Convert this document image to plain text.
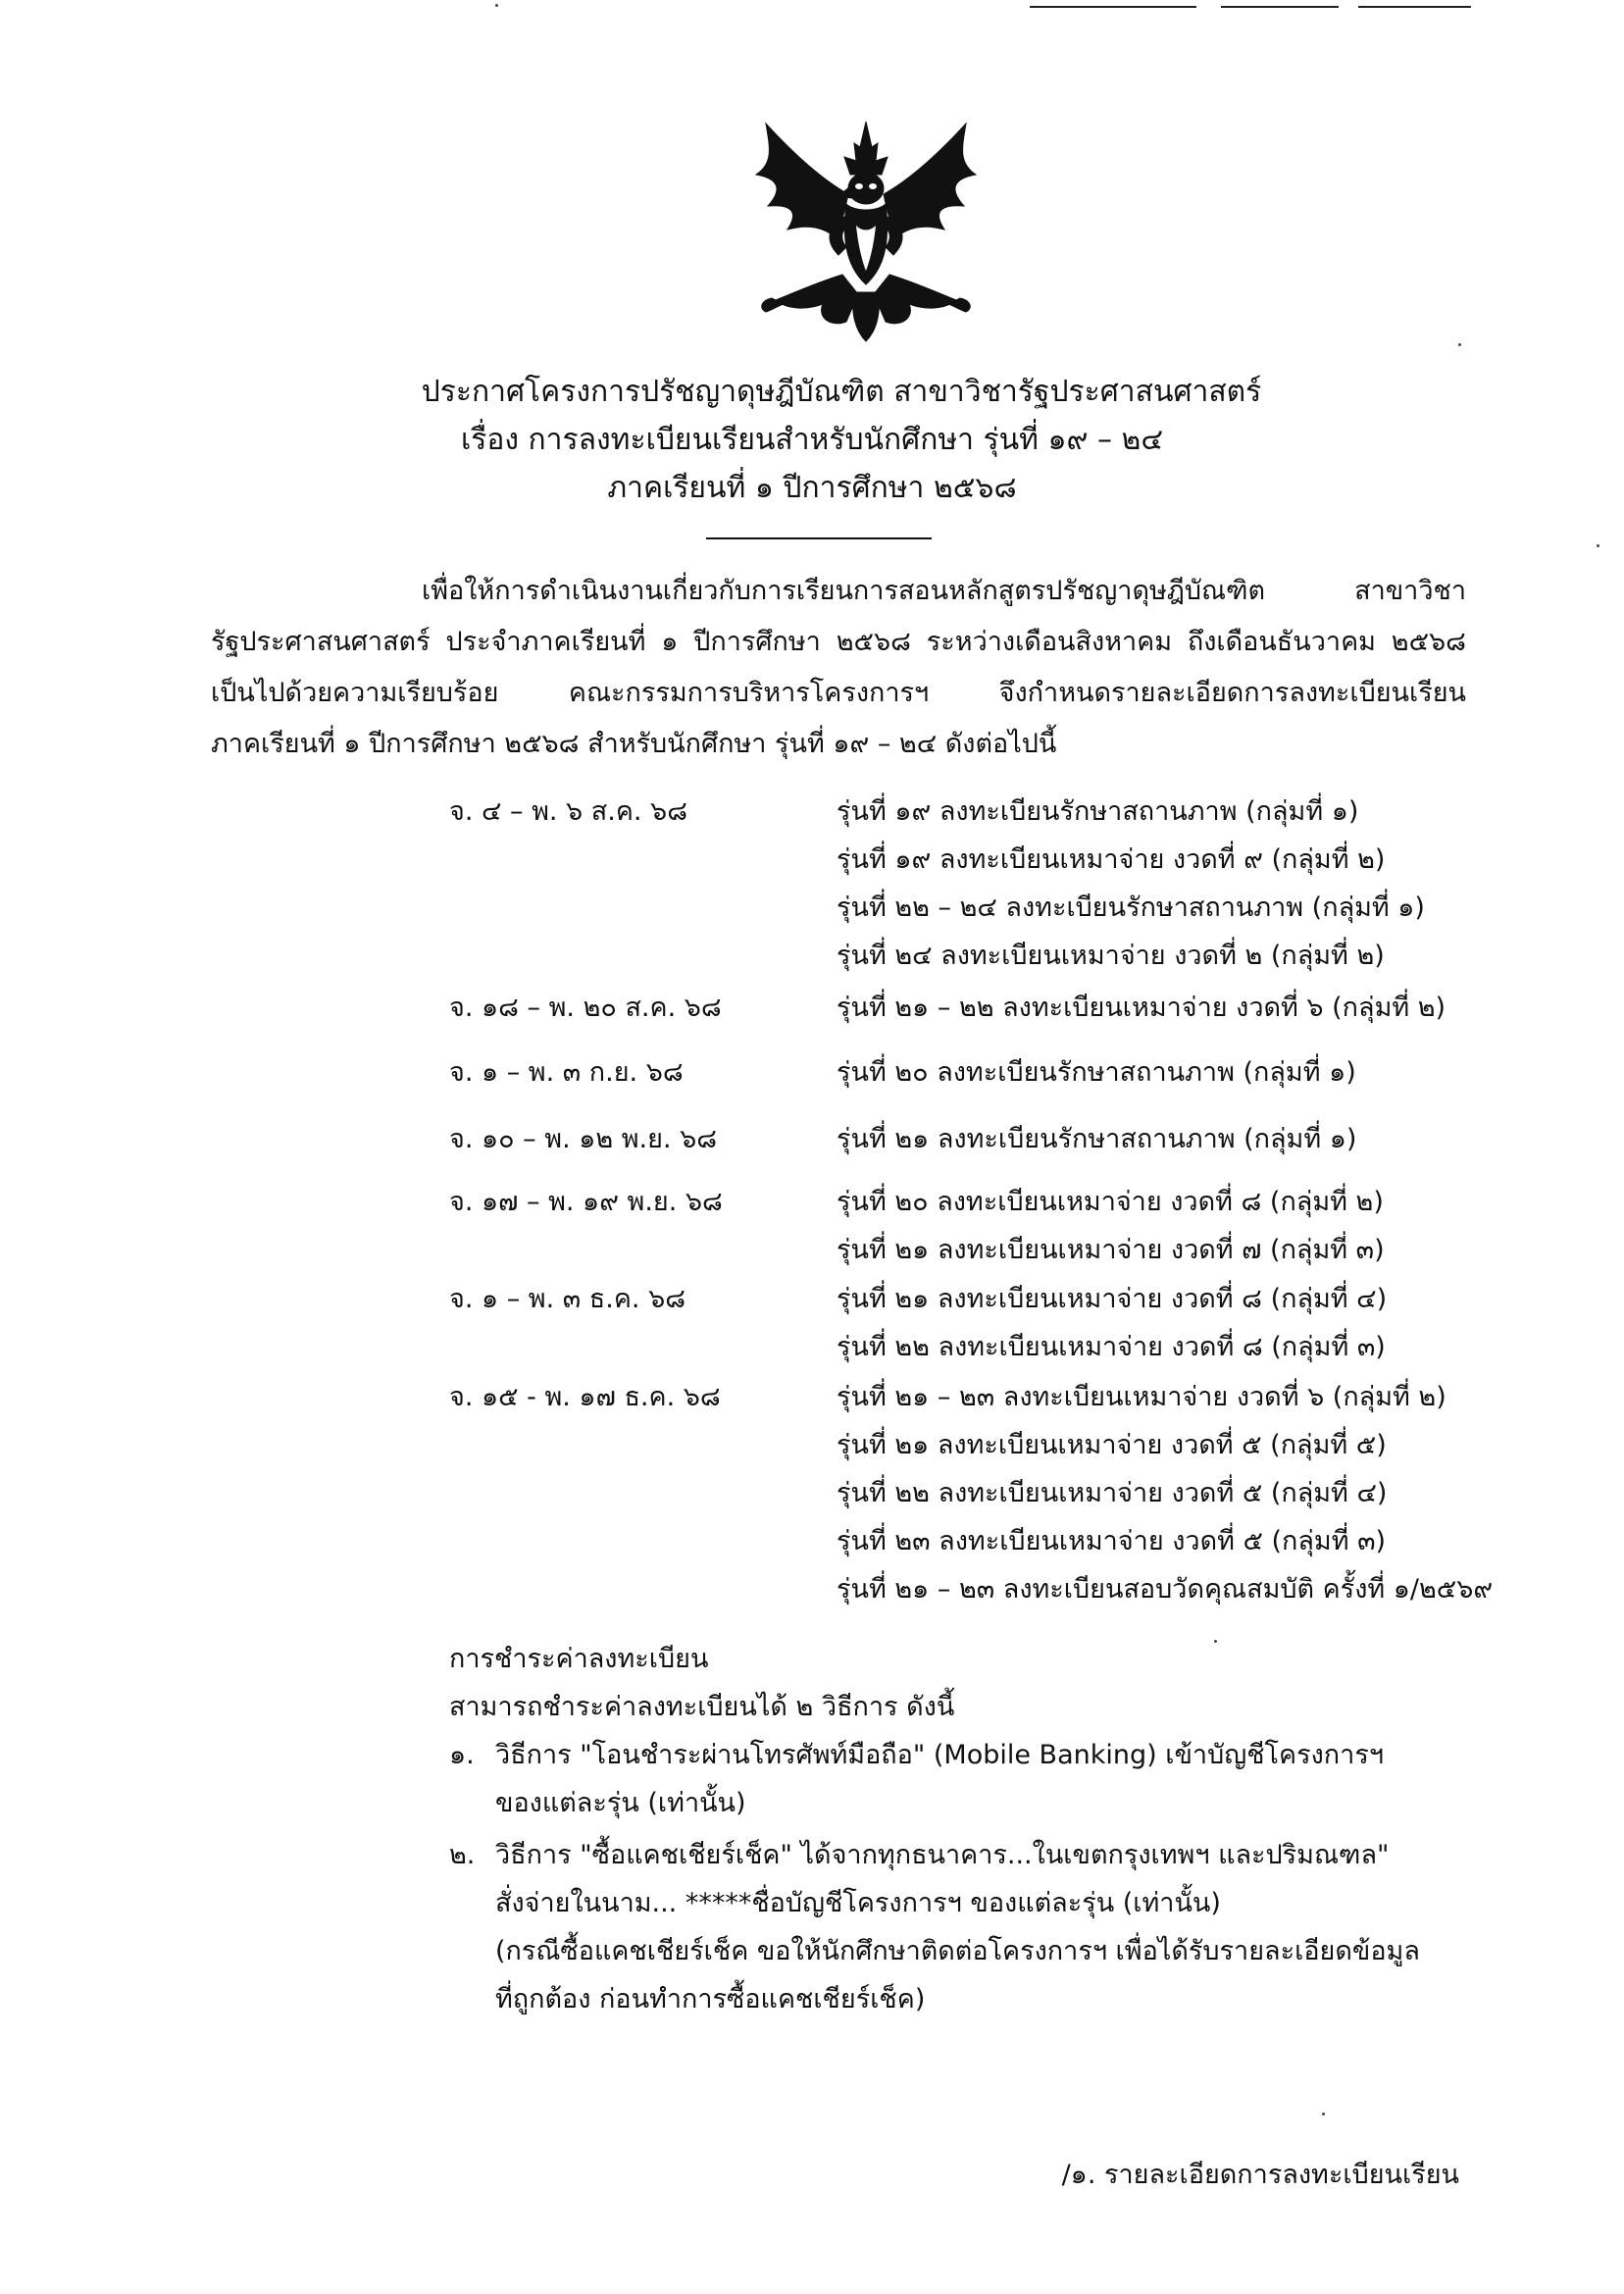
ประกาศโครงการปรัชญาดุษฎีบัณฑิต สาขาวิชารัฐประศาสนศาสตร์
เรื่อง การลงทะเบียนเรียนสำหรับนักศึกษา รุ่นที่ ๑๙ – ๒๔
ภาคเรียนที่ ๑ ปีการศึกษา ๒๕๖๘

เพื่อให้การดำเนินงานเกี่ยวกับการเรียนการสอนหลักสูตรปรัชญาดุษฎีบัณฑิต สาขาวิชา

รัฐประศาสนศาสตร์ ประจำภาคเรียนที่ ๑ ปีการศึกษา ๒๕๖๘ ระหว่างเดือนสิงหาคม ถึงเดือนธันวาคม ๒๕๖๘

เป็นไปด้วยความเรียบร้อย คณะกรรมการบริหารโครงการฯ จึงกำหนดรายละเอียดการลงทะเบียนเรียน

ภาคเรียนที่ ๑ ปีการศึกษา ๒๕๖๘ สำหรับนักศึกษา รุ่นที่ ๑๙ – ๒๔ ดังต่อไปนี้

จ. ๔ – พ. ๖ ส.ค. ๖๘	รุ่นที่ ๑๙ ลงทะเบียนรักษาสถานภาพ (กลุ่มที่ ๑)
รุ่นที่ ๑๙ ลงทะเบียนเหมาจ่าย งวดที่ ๙ (กลุ่มที่ ๒)
รุ่นที่ ๒๒ – ๒๔ ลงทะเบียนรักษาสถานภาพ (กลุ่มที่ ๑)
รุ่นที่ ๒๔ ลงทะเบียนเหมาจ่าย งวดที่ ๒ (กลุ่มที่ ๒)
จ. ๑๘ – พ. ๒๐ ส.ค. ๖๘	รุ่นที่ ๒๑ – ๒๒ ลงทะเบียนเหมาจ่าย งวดที่ ๖ (กลุ่มที่ ๒)
จ. ๑ – พ. ๓ ก.ย. ๖๘	รุ่นที่ ๒๐ ลงทะเบียนรักษาสถานภาพ (กลุ่มที่ ๑)
จ. ๑๐ – พ. ๑๒ พ.ย. ๖๘	รุ่นที่ ๒๑ ลงทะเบียนรักษาสถานภาพ (กลุ่มที่ ๑)
จ. ๑๗ – พ. ๑๙ พ.ย. ๖๘	รุ่นที่ ๒๐ ลงทะเบียนเหมาจ่าย งวดที่ ๘ (กลุ่มที่ ๒)
รุ่นที่ ๒๑ ลงทะเบียนเหมาจ่าย งวดที่ ๗ (กลุ่มที่ ๓)
จ. ๑ – พ. ๓ ธ.ค. ๖๘	รุ่นที่ ๒๑ ลงทะเบียนเหมาจ่าย งวดที่ ๘ (กลุ่มที่ ๔)
รุ่นที่ ๒๒ ลงทะเบียนเหมาจ่าย งวดที่ ๘ (กลุ่มที่ ๓)
จ. ๑๕ - พ. ๑๗ ธ.ค. ๖๘	รุ่นที่ ๒๑ – ๒๓ ลงทะเบียนเหมาจ่าย งวดที่ ๖ (กลุ่มที่ ๒)
รุ่นที่ ๒๑ ลงทะเบียนเหมาจ่าย งวดที่ ๕ (กลุ่มที่ ๕)
รุ่นที่ ๒๒ ลงทะเบียนเหมาจ่าย งวดที่ ๕ (กลุ่มที่ ๔)
รุ่นที่ ๒๓ ลงทะเบียนเหมาจ่าย งวดที่ ๕ (กลุ่มที่ ๓)
รุ่นที่ ๒๑ – ๒๓ ลงทะเบียนสอบวัดคุณสมบัติ ครั้งที่ ๑/๒๕๖๙
การชำระค่าลงทะเบียน
สามารถชำระค่าลงทะเบียนได้ ๒ วิธีการ ดังนี้
๑. วิธีการ "โอนชำระผ่านโทรศัพท์มือถือ" (Mobile Banking) เข้าบัญชีโครงการฯ
ของแต่ละรุ่น (เท่านั้น)
๒. วิธีการ "ซื้อแคชเชียร์เช็ค" ได้จากทุกธนาคาร...ในเขตกรุงเทพฯ และปริมณฑล"
สั่งจ่ายในนาม... *****ชื่อบัญชีโครงการฯ ของแต่ละรุ่น (เท่านั้น)
(กรณีซื้อแคชเชียร์เช็ค ขอให้นักศึกษาติดต่อโครงการฯ เพื่อได้รับรายละเอียดข้อมูล
ที่ถูกต้อง ก่อนทำการซื้อแคชเชียร์เช็ค)
/๑. รายละเอียดการลงทะเบียนเรียน
